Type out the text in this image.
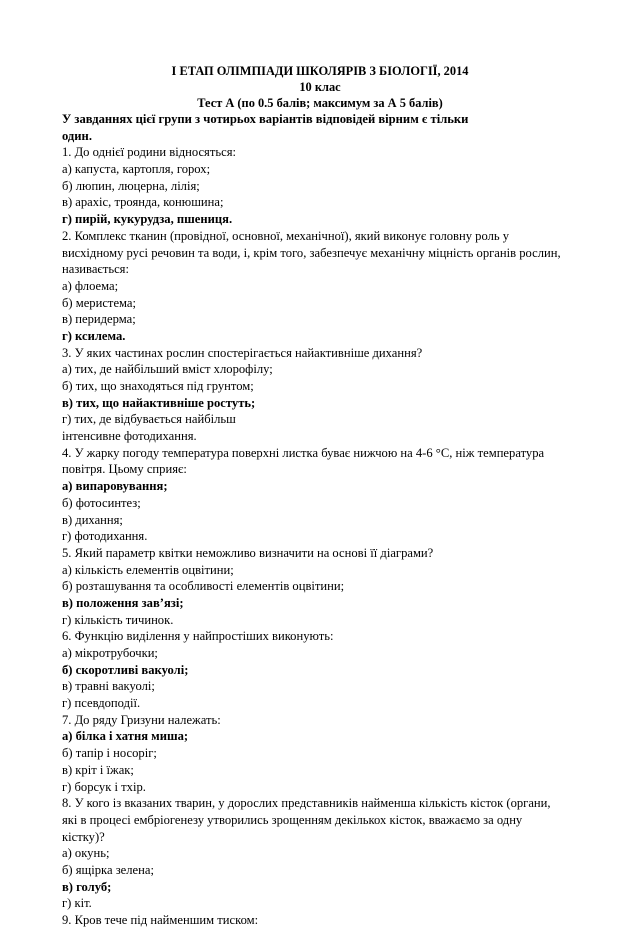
І ЕТАП ОЛІМПІАДИ ШКОЛЯРІВ З БІОЛОГІЇ, 2014
10 клас
Тест А (по 0.5 балів; максимум за А 5 балів)
У завданнях цієї групи з чотирьох варіантів відповідей вірним є тільки
один.
1. До однієї родини відносяться:
а) капуста, картопля, горох;
б) люпин, люцерна, лілія;
в) арахіс, троянда, конюшина;
г) пирій, кукурудза, пшениця.
2. Комплекс тканин (провідної, основної, механічної), який виконує головну роль у
висхідному русі речовин та води, і, крім того, забезпечує механічну міцність органів рослин,
називається:
а) флоема;
б) меристема;
в) перидерма;
г) ксилема.
3. У яких частинах рослин спостерігається найактивніше дихання?
а) тих, де найбільший вміст хлорофілу;
б) тих, що знаходяться під грунтом;
в) тих, що найактивніше ростуть;
г) тих, де відбувається найбільш
інтенсивне фотодихання.
4. У жарку погоду температура поверхні листка буває нижчою на 4-6 °С, ніж температура
повітря. Цьому сприяє:
а) випаровування;
б) фотосинтез;
в) дихання;
г) фотодихання.
5. Який параметр квітки неможливо визначити на основі її діаграми?
а) кількість елементів оцвітини;
б) розташування та особливості елементів оцвітини;
в) положення зав’язі;
г) кількість тичинок.
6. Функцію виділення у найпростіших виконують:
а) мікротрубочки;
б) скоротливі вакуолі;
в) травні вакуолі;
г) псевдоподії.
7. До ряду Гризуни належать:
а) білка і хатня миша;
б) тапір і носоріг;
в) кріт і їжак;
г) борсук і тхір.
8. У кого із вказаних тварин, у дорослих представників найменша кількість кісток (органи,
які в процесі ембріогенезу утворились зрощенням декількох кісток, вважаємо за одну
кістку)?
а) окунь;
б) ящірка зелена;
в) голуб;
г) кіт.
9. Кров тече під найменшим тиском:
